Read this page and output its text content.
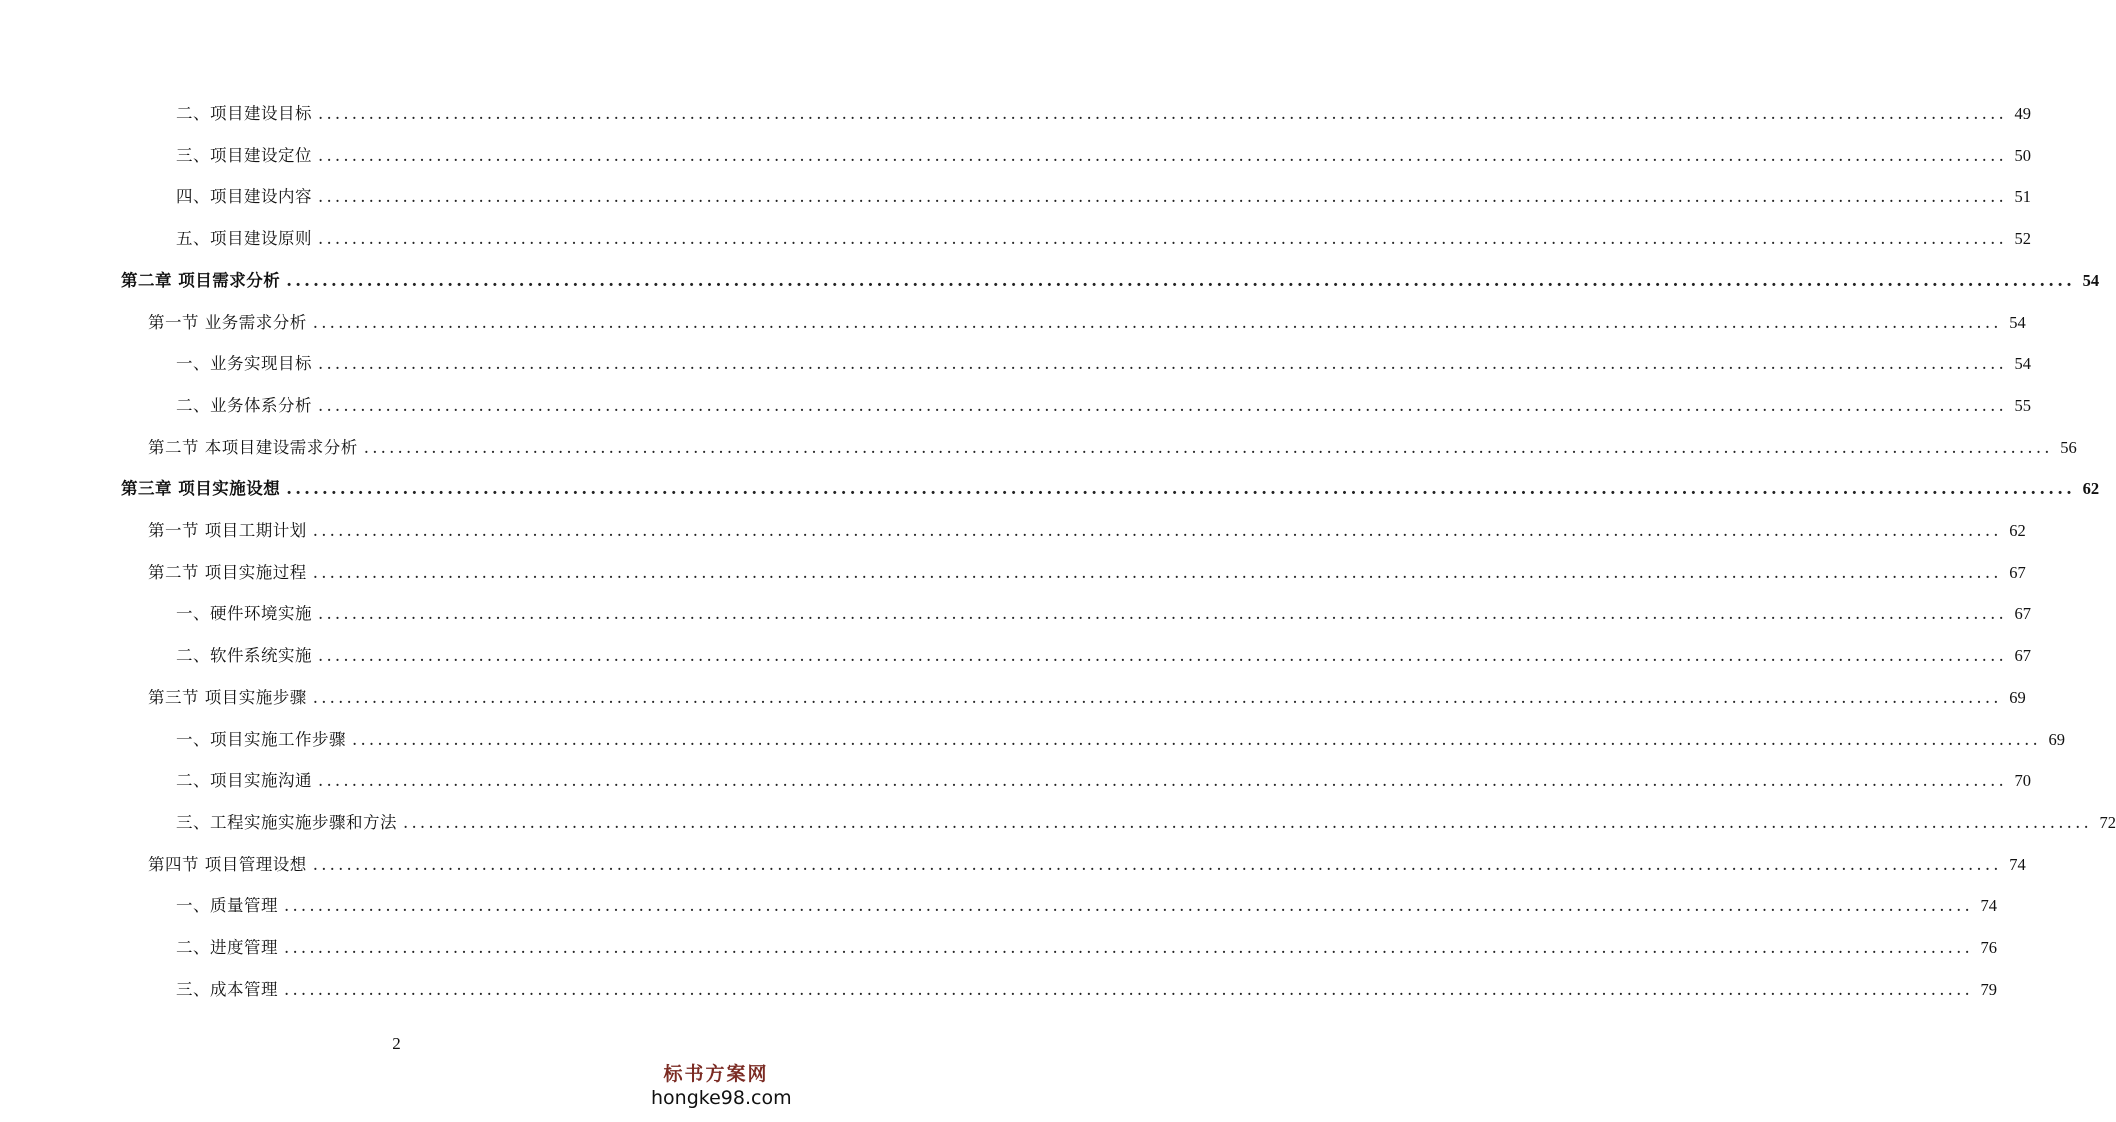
二、项目建设目标 ........................................................................................................................................................................................................ 49
三、项目建设定位 ........................................................................................................................................................................................................ 50
四、项目建设内容 ........................................................................................................................................................................................................ 51
五、项目建设原则 ........................................................................................................................................................................................................ 52
第二章 项目需求分析 ........................................................................................................................................................................................................ 54
第一节 业务需求分析 ........................................................................................................................................................................................................ 54
一、业务实现目标 ........................................................................................................................................................................................................ 54
二、业务体系分析 ........................................................................................................................................................................................................ 55
第二节 本项目建设需求分析 ........................................................................................................................................................................................................ 56
第三章 项目实施设想 ........................................................................................................................................................................................................ 62
第一节 项目工期计划 ........................................................................................................................................................................................................ 62
第二节 项目实施过程 ........................................................................................................................................................................................................ 67
一、硬件环境实施 ........................................................................................................................................................................................................ 67
二、软件系统实施 ........................................................................................................................................................................................................ 67
第三节 项目实施步骤 ........................................................................................................................................................................................................ 69
一、项目实施工作步骤 ........................................................................................................................................................................................................ 69
二、项目实施沟通 ........................................................................................................................................................................................................ 70
三、工程实施实施步骤和方法 ........................................................................................................................................................................................................ 72
第四节 项目管理设想 ........................................................................................................................................................................................................ 74
一、质量管理 ........................................................................................................................................................................................................ 74
二、进度管理 ........................................................................................................................................................................................................ 76
三、成本管理 ........................................................................................................................................................................................................ 79
2
标书方案网
hongke98.com
